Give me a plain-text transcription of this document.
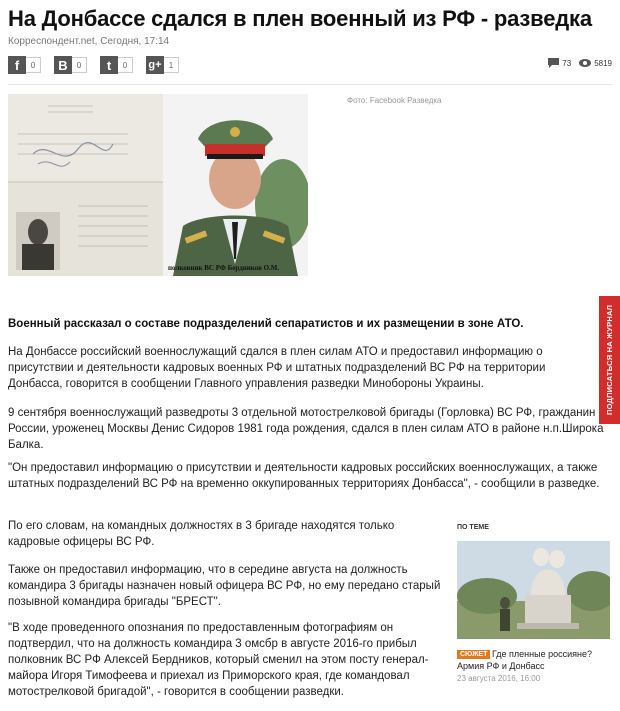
На Донбассе сдался в плен военный из РФ - разведка
Корреспондент.net, Сегодня, 17:14
f	0	B	0	t	0	g+ 1	73	5819
полковник ВС РФ Бердников О.М.
Фото: Facebook Разведка
ПОДПИСАТЬСЯ НА ЖУРНАЛ
Военный рассказал о составе подразделений сепаратистов и их размещении в зоне АТО.
На Донбассе российский военнослужащий сдался в плен силам АТО и предоставил информацию о присутствии и деятельности кадровых военных РФ и штатных подразделений ВС РФ на территории Донбасса, говорится в сообщении Главного управления разведки Минобороны Украины.
9 сентября военнослужащий разведроты 3 отдельной мотострелковой бригады (Горловка) ВС РФ, гражданин России, уроженец Москвы Денис Сидоров 1981 года рождения, сдался в плен силам АТО в районе н.п.Широка Балка.
"Он предоставил информацию о присутствии и деятельности кадровых российских военнослужащих, а также штатных подразделений ВС РФ на временно оккупированных территориях Донбасса", - сообщили в разведке.
По его словам, на командных должностях в 3 бригаде находятся только кадровые офицеры ВС РФ.
Также он предоставил информацию, что в середине августа на должность командира 3 бригады назначен новый офицера ВС РФ, но ему передано старый позывной командира бригады "БРЕСТ".
"В ходе проведенного опознания по предоставленным фотографиям он подтвердил, что на должность командира 3 омсбр в августе 2016-го прибыл полковник ВС РФ Алексей Бердников, который сменил на этом посту генерал-майора Игоря Тимофеева и приехал из Приморского края, где командовал мотострелковой бригадой", - говорится в сообщении разведки.
ПО ТЕМЕ
СЮЖЕТ Где пленные россияне?
Армия РФ и Донбасс
23 августа 2016, 16:00
